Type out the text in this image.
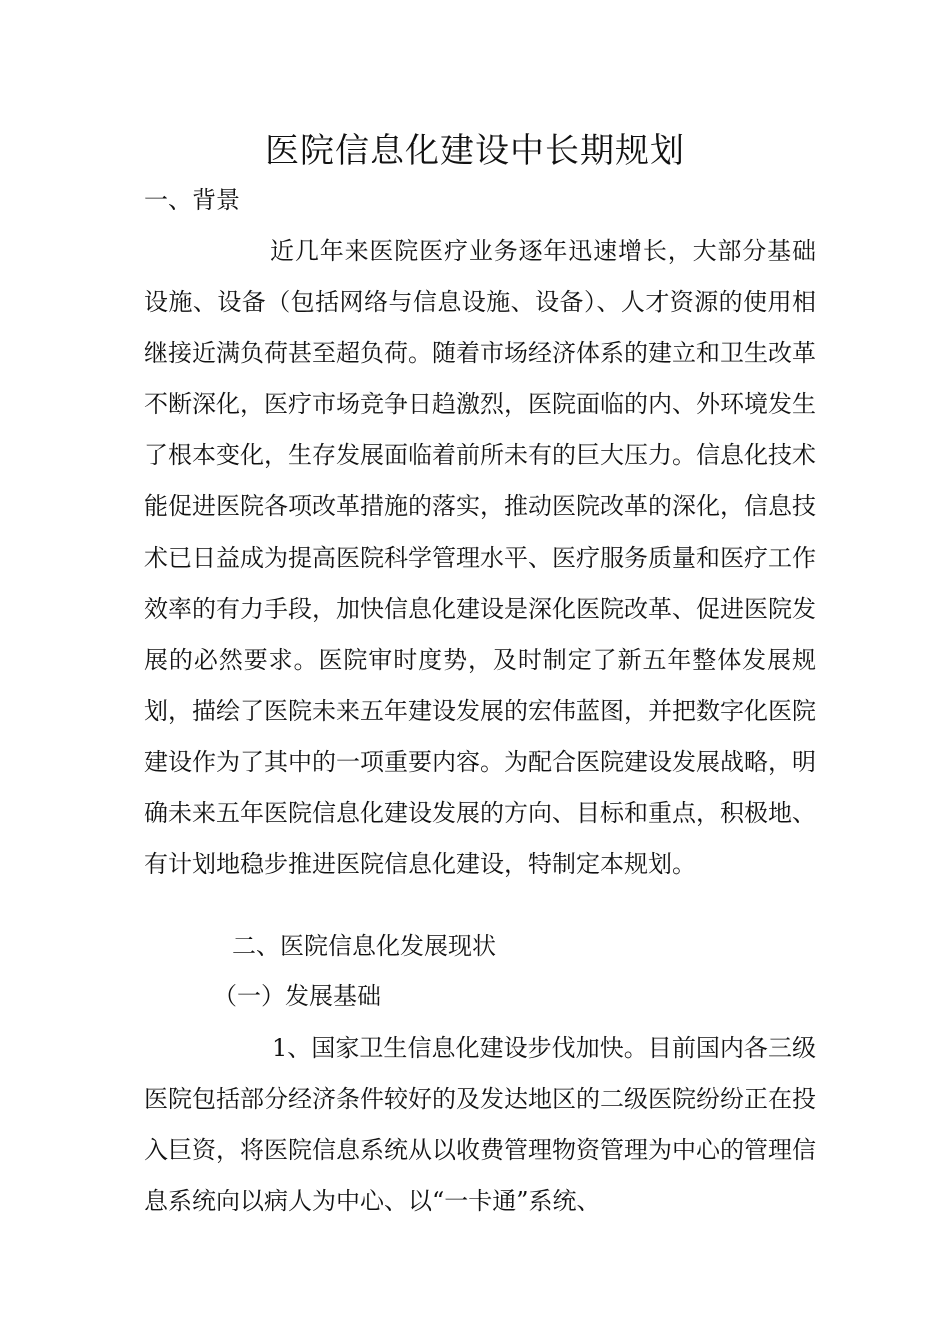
医院信息化建设中长期规划
一、背景

近几年来医院医疗业务逐年迅速增长，大部分基础设施、设备（包括网络与信息设施、设备）、人才资源的使用相继接近满负荷甚至超负荷。随着市场经济体系的建立和卫生改革不断深化，医疗市场竞争日趋激烈，医院面临的内、外环境发生了根本变化，生存发展面临着前所未有的巨大压力。信息化技术能促进医院各项改革措施的落实，推动医院改革的深化，信息技术已日益成为提高医院科学管理水平、医疗服务质量和医疗工作效率的有力手段，加快信息化建设是深化医院改革、促进医院发展的必然要求。医院审时度势，及时制定了新五年整体发展规划，描绘了医院未来五年建设发展的宏伟蓝图，并把数字化医院建设作为了其中的一项重要内容。为配合医院建设发展战略，明确未来五年医院信息化建设发展的方向、目标和重点，积极地、有计划地稳步推进医院信息化建设，特制定本规划。

二、医院信息化发展现状
（一）发展基础

1、国家卫生信息化建设步伐加快。目前国内各三级医院包括部分经济条件较好的及发达地区的二级医院纷纷正在投入巨资，将医院信息系统从以收费管理物资管理为中心的管理信息系统向以病人为中心、以“一卡通”系统、
